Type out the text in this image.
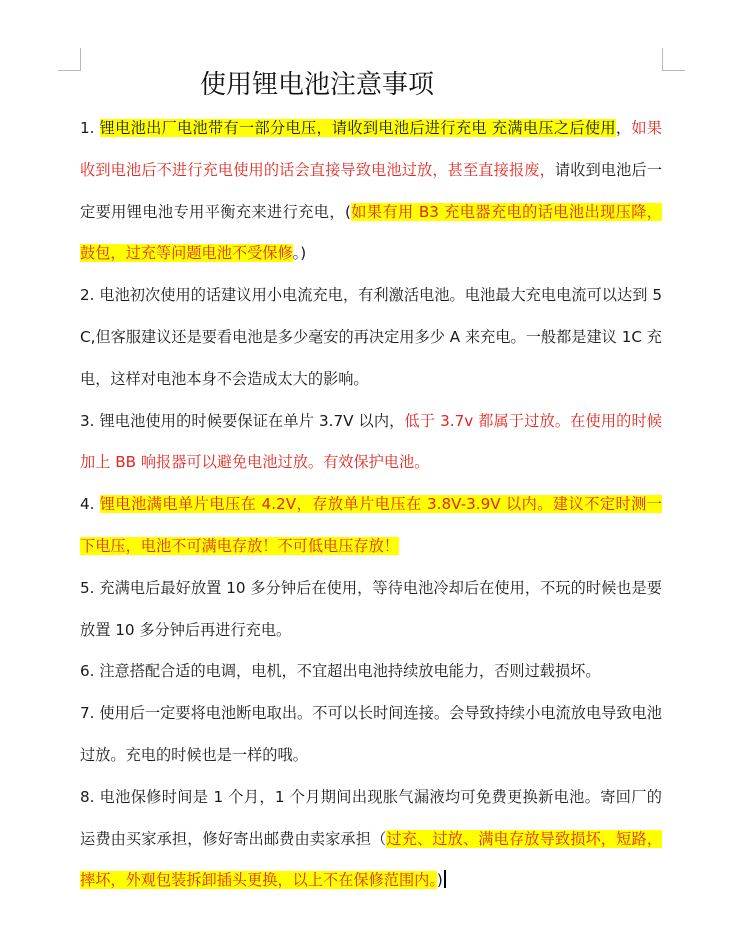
使用锂电池注意事项

1. 锂电池出厂电池带有一部分电压，请收到电池后进行充电 充满电压之后使用，如果收到电池后不进行充电使用的话会直接导致电池过放，甚至直接报废，请收到电池后一定要用锂电池专用平衡充来进行充电，(如果有用 B3 充电器充电的话电池出现压降，鼓包，过充等问题电池不受保修。)

2. 电池初次使用的话建议用小电流充电，有利激活电池。电池最大充电电流可以达到 5C,但客服建议还是要看电池是多少毫安的再决定用多少 A 来充电。一般都是建议 1C 充电，这样对电池本身不会造成太大的影响。

3. 锂电池使用的时候要保证在单片 3.7V 以内，低于 3.7v 都属于过放。在使用的时候加上 BB 响报器可以避免电池过放。有效保护电池。

4. 锂电池满电单片电压在 4.2V，存放单片电压在 3.8V-3.9V 以内。建议不定时测一下电压，电池不可满电存放！不可低电压存放！

5. 充满电后最好放置 10 多分钟后在使用，等待电池冷却后在使用，不玩的时候也是要放置 10 多分钟后再进行充电。

6. 注意搭配合适的电调，电机，不宜超出电池持续放电能力，否则过载损坏。

7. 使用后一定要将电池断电取出。不可以长时间连接。会导致持续小电流放电导致电池过放。充电的时候也是一样的哦。

8. 电池保修时间是 1 个月，1 个月期间出现胀气漏液均可免费更换新电池。寄回厂的运费由买家承担，修好寄出邮费由卖家承担（过充、过放、满电存放导致损坏，短路，摔坏，外观包装拆卸插头更换，以上不在保修范围内。)
